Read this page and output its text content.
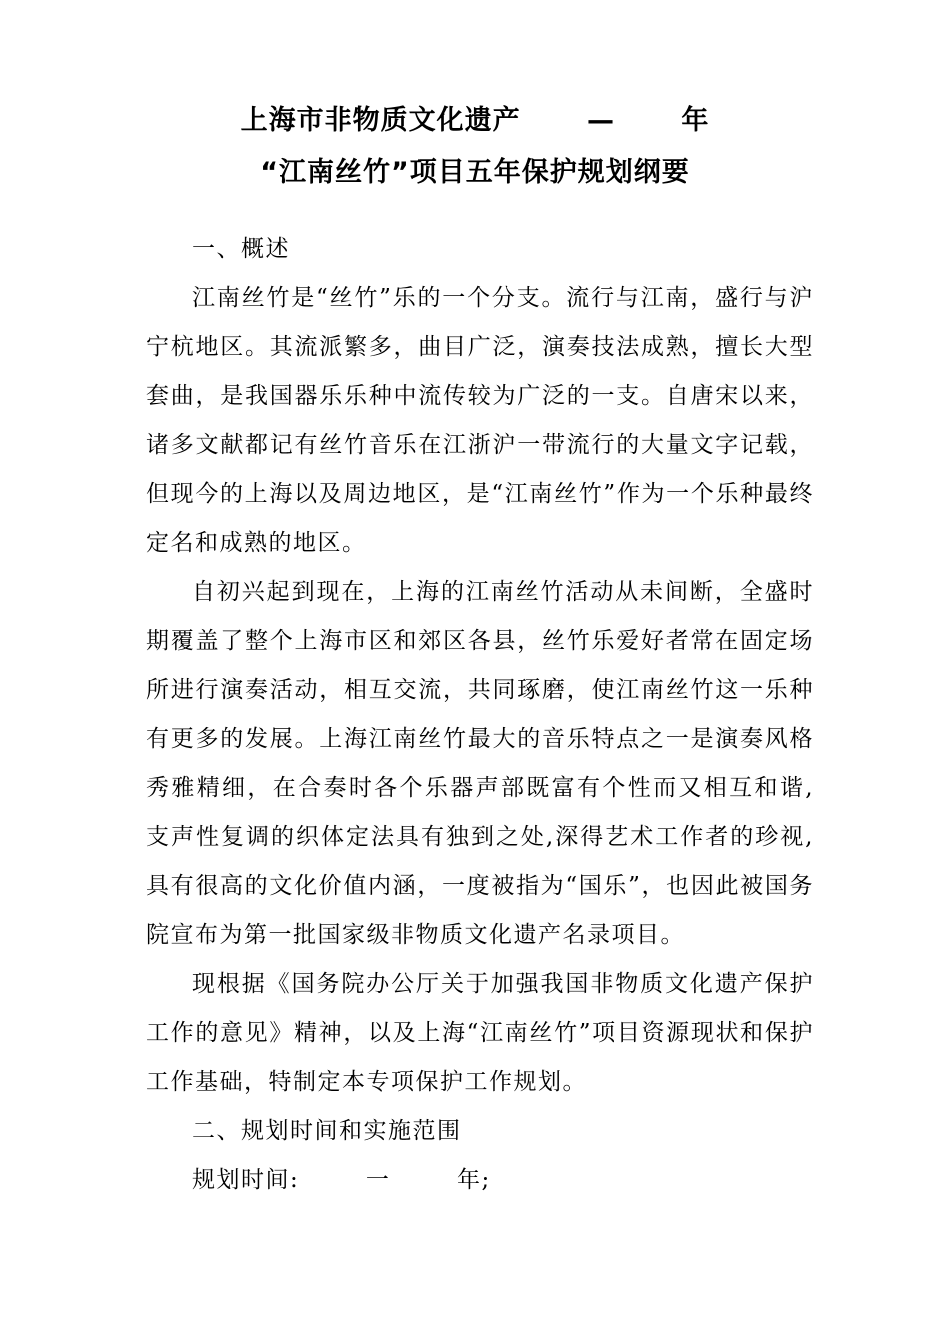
上海市非物质文化遗产 　　—　　 年
“江南丝竹”项目五年保护规划纲要

一、概述

江南丝竹是“丝竹”乐的一个分支。流行与江南，盛行与沪宁杭地区。其流派繁多，曲目广泛，演奏技法成熟，擅长大型套曲，是我国器乐乐种中流传较为广泛的一支。自唐宋以来，诸多文献都记有丝竹音乐在江浙沪一带流行的大量文字记载，但现今的上海以及周边地区，是“江南丝竹”作为一个乐种最终定名和成熟的地区。

自初兴起到现在，上海的江南丝竹活动从未间断，全盛时期覆盖了整个上海市区和郊区各县，丝竹乐爱好者常在固定场所进行演奏活动，相互交流，共同琢磨，使江南丝竹这一乐种有更多的发展。上海江南丝竹最大的音乐特点之一是演奏风格秀雅精细，在合奏时各个乐器声部既富有个性而又相互和谐,支声性复调的织体定法具有独到之处,深得艺术工作者的珍视,具有很高的文化价值内涵，一度被指为“国乐”，也因此被国务院宣布为第一批国家级非物质文化遗产名录项目。

现根据《国务院办公厅关于加强我国非物质文化遗产保护工作的意见》精神，以及上海“江南丝竹”项目资源现状和保护工作基础，特制定本专项保护工作规划。

二、规划时间和实施范围

规划时间: 　　 一 　　 年;
